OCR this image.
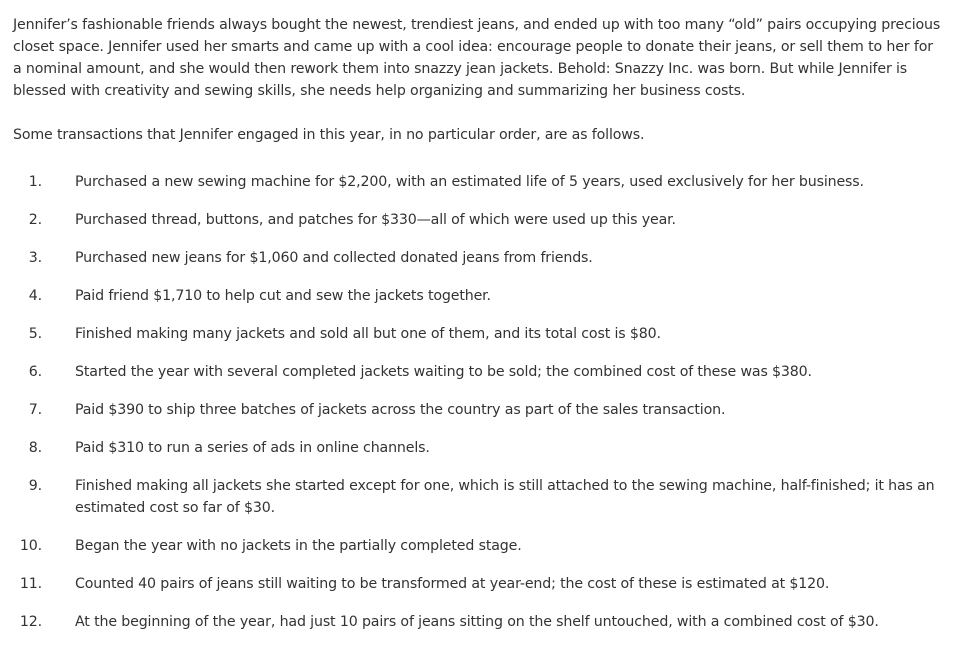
Jennifer’s fashionable friends always bought the newest, trendiest jeans, and ended up with too many “old” pairs occupying precious closet space. Jennifer used her smarts and came up with a cool idea: encourage people to donate their jeans, or sell them to her for a nominal amount, and she would then rework them into snazzy jean jackets. Behold: Snazzy Inc. was born. But while Jennifer is blessed with creativity and sewing skills, she needs help organizing and summarizing her business costs.

Some transactions that Jennifer engaged in this year, in no particular order, are as follows.

1. Purchased a new sewing machine for $2,200, with an estimated life of 5 years, used exclusively for her business.
2. Purchased thread, buttons, and patches for $330—all of which were used up this year.
3. Purchased new jeans for $1,060 and collected donated jeans from friends.
4. Paid friend $1,710 to help cut and sew the jackets together.
5. Finished making many jackets and sold all but one of them, and its total cost is $80.
6. Started the year with several completed jackets waiting to be sold; the combined cost of these was $380.
7. Paid $390 to ship three batches of jackets across the country as part of the sales transaction.
8. Paid $310 to run a series of ads in online channels.
9. Finished making all jackets she started except for one, which is still attached to the sewing machine, half-finished; it has an estimated cost so far of $30.
10. Began the year with no jackets in the partially completed stage.
11. Counted 40 pairs of jeans still waiting to be transformed at year-end; the cost of these is estimated at $120.
12. At the beginning of the year, had just 10 pairs of jeans sitting on the shelf untouched, with a combined cost of $30.
